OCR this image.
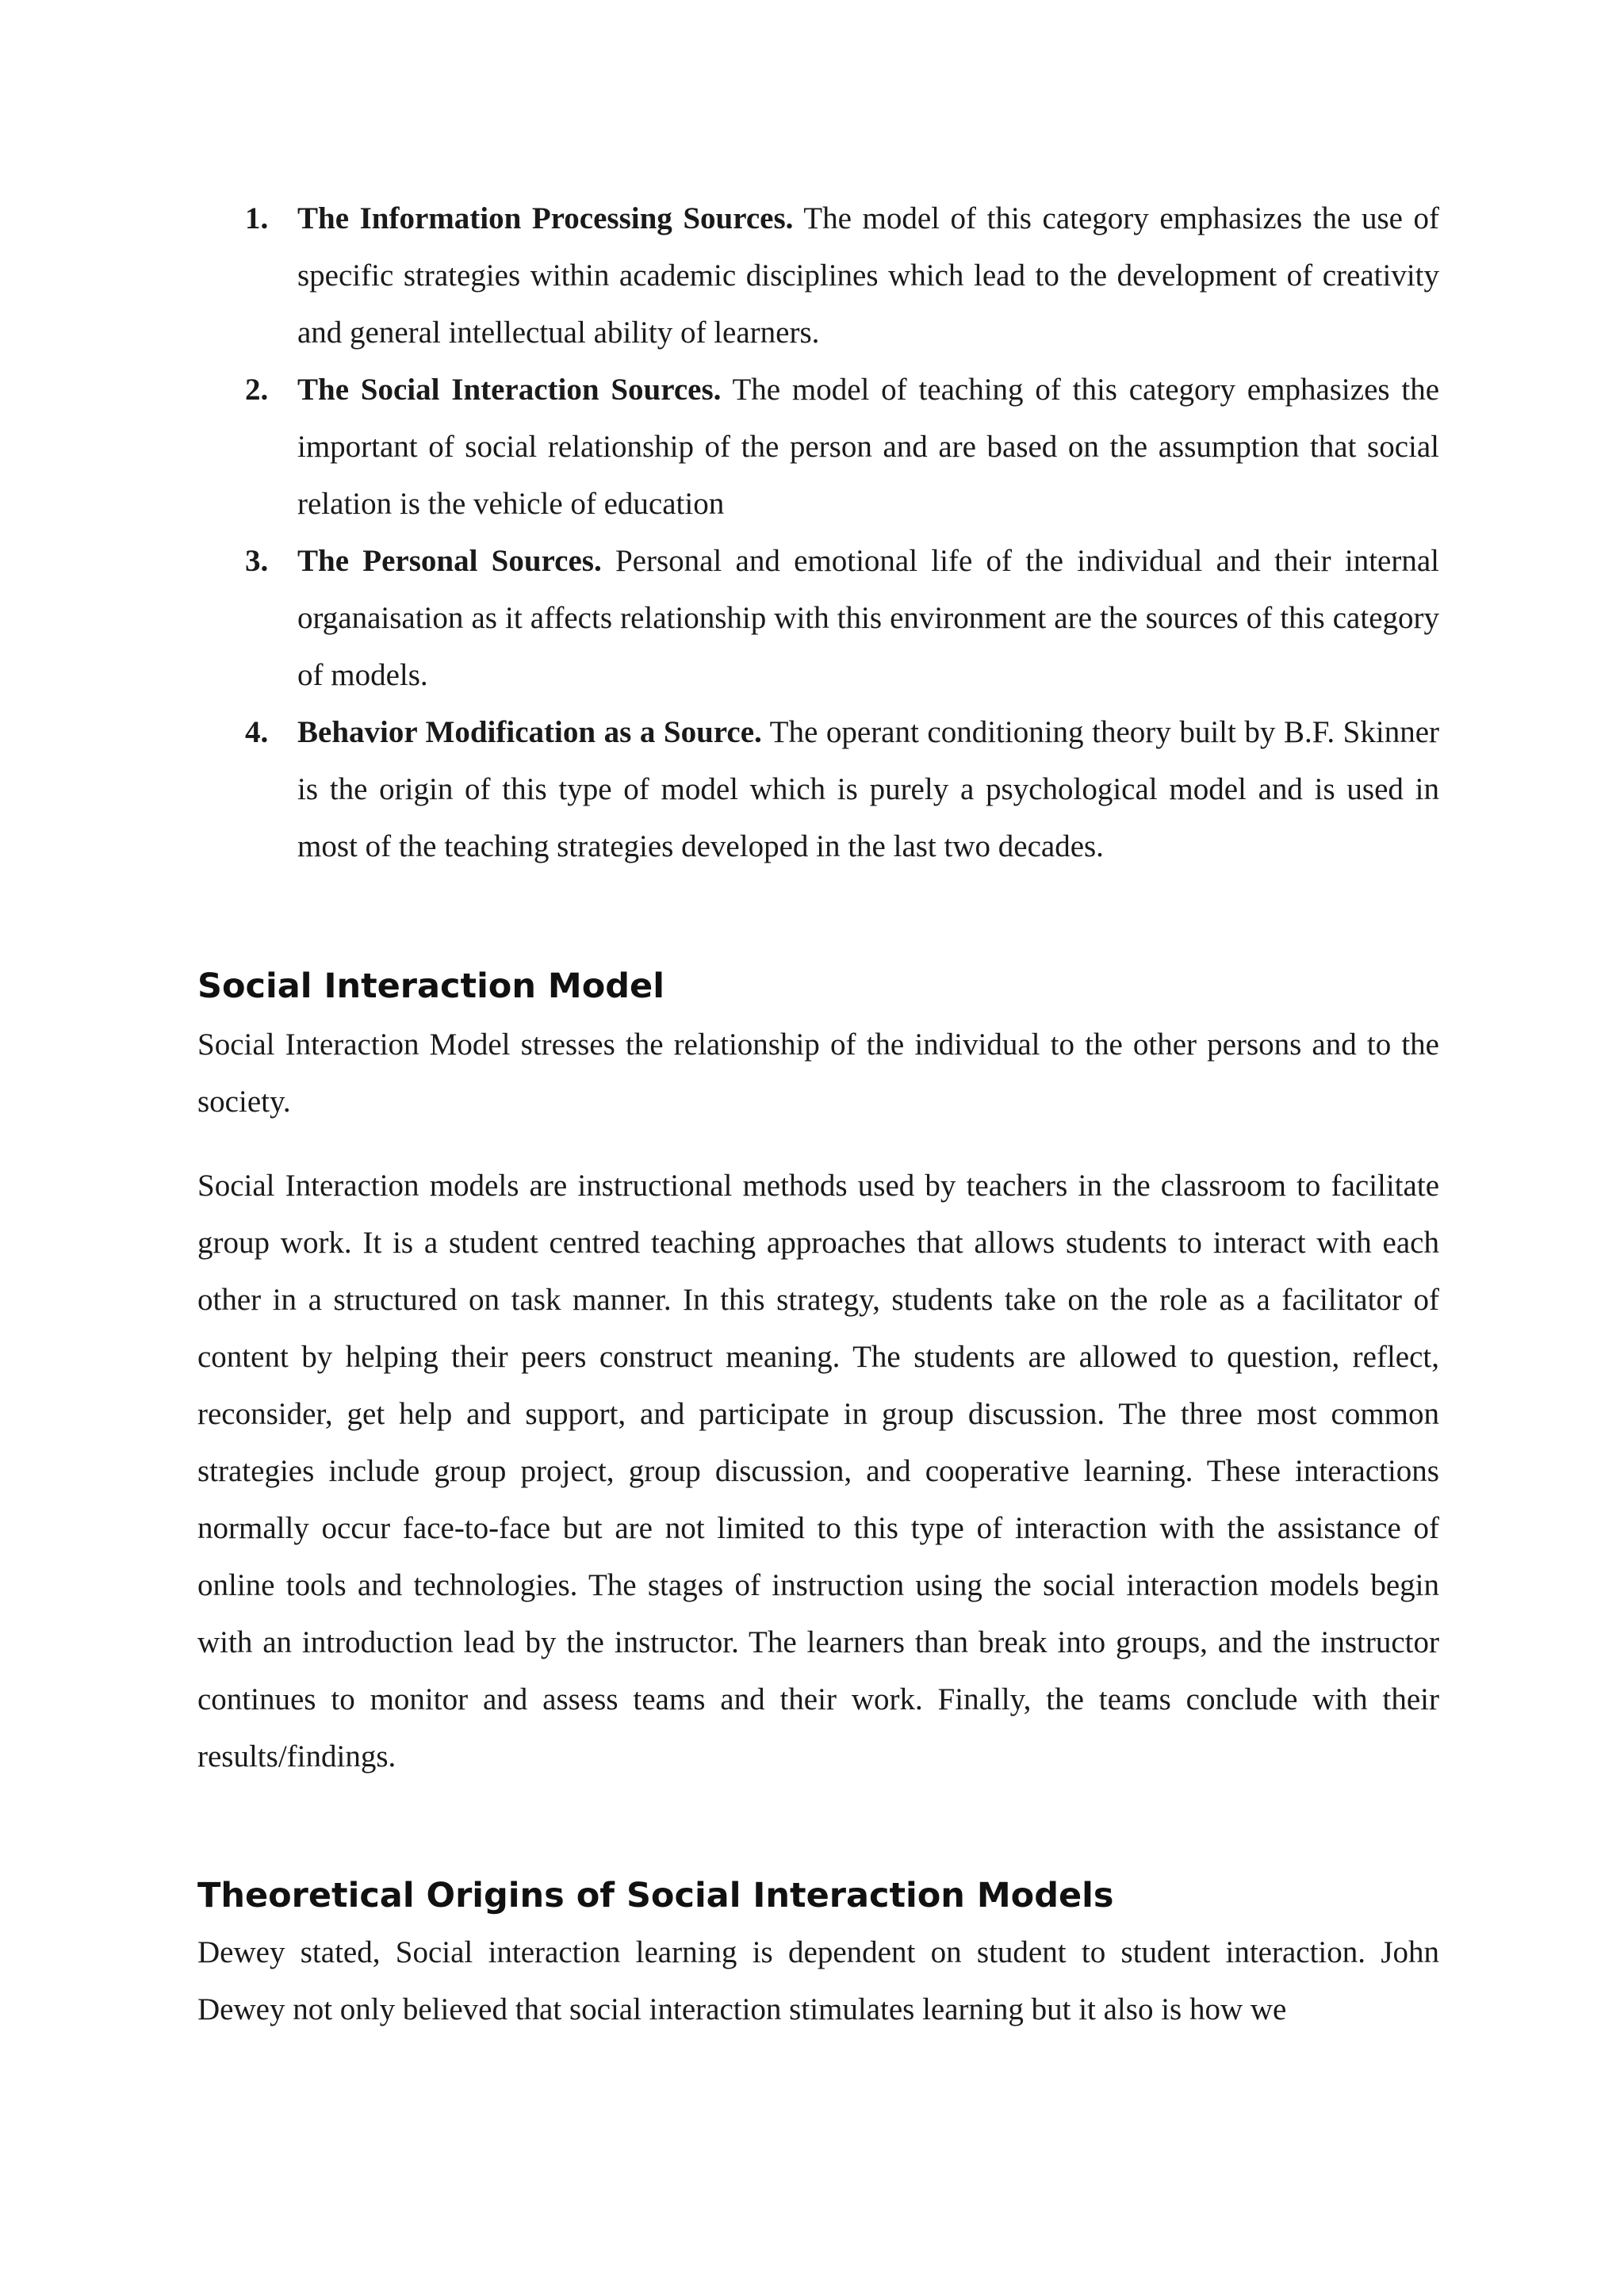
1. The Information Processing Sources. The model of this category emphasizes the use of specific strategies within academic disciplines which lead to the development of creativity and general intellectual ability of learners.
2. The Social Interaction Sources. The model of teaching of this category emphasizes the important of social relationship of the person and are based on the assumption that social relation is the vehicle of education
3. The Personal Sources. Personal and emotional life of the individual and their internal organaisation as it affects relationship with this environment are the sources of this category of models.
4. Behavior Modification as a Source. The operant conditioning theory built by B.F. Skinner is the origin of this type of model which is purely a psychological model and is used in most of the teaching strategies developed in the last two decades.
Social Interaction Model

Social Interaction Model stresses the relationship of the individual to the other persons and to the society.

Social Interaction models are instructional methods used by teachers in the classroom to facilitate group work. It is a student centred teaching approaches that allows students to interact with each other in a structured on task manner. In this strategy, students take on the role as a facilitator of content by helping their peers construct meaning. The students are allowed to question, reflect, reconsider, get help and support, and participate in group discussion. The three most common strategies include group project, group discussion, and cooperative learning. These interactions normally occur face-to-face but are not limited to this type of interaction with the assistance of online tools and technologies. The stages of instruction using the social interaction models begin with an introduction lead by the instructor. The learners than break into groups, and the instructor continues to monitor and assess teams and their work. Finally, the teams conclude with their results/findings.

Theoretical Origins of Social Interaction Models

Dewey stated, Social interaction learning is dependent on student to student interaction. John Dewey not only believed that social interaction stimulates learning but it also is how we
